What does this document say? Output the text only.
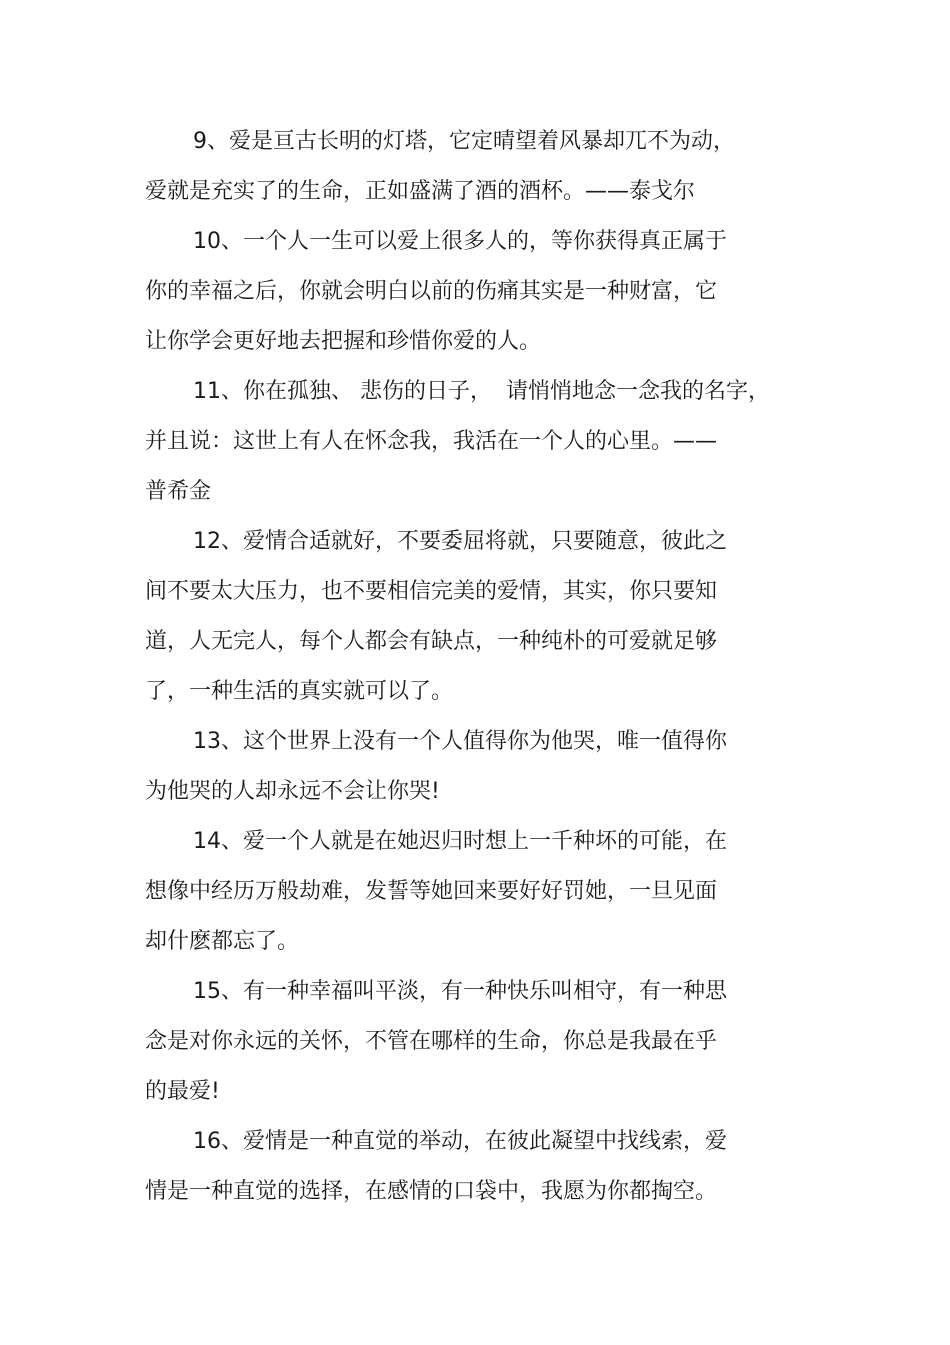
9、爱是亘古长明的灯塔，它定晴望着风暴却兀不为动，
爱就是充实了的生命，正如盛满了酒的酒杯。——泰戈尔
10、一个人一生可以爱上很多人的，等你获得真正属于
你的幸福之后，你就会明白以前的伤痛其实是一种财富，它
让你学会更好地去把握和珍惜你爱的人。
11、你在孤独、 悲伤的日子，  请悄悄地念一念我的名字，
并且说：这世上有人在怀念我，我活在一个人的心里。——
普希金
12、爱情合适就好，不要委屈将就，只要随意，彼此之
间不要太大压力，也不要相信完美的爱情，其实，你只要知
道，人无完人，每个人都会有缺点，一种纯朴的可爱就足够
了，一种生活的真实就可以了。
13、这个世界上没有一个人值得你为他哭，唯一值得你
为他哭的人却永远不会让你哭!
14、爱一个人就是在她迟归时想上一千种坏的可能，在
想像中经历万般劫难，发誓等她回来要好好罚她，一旦见面
却什麽都忘了。
15、有一种幸福叫平淡，有一种快乐叫相守，有一种思
念是对你永远的关怀，不管在哪样的生命，你总是我最在乎
的最爱!
16、爱情是一种直觉的举动，在彼此凝望中找线索，爱
情是一种直觉的选择，在感情的口袋中，我愿为你都掏空。
